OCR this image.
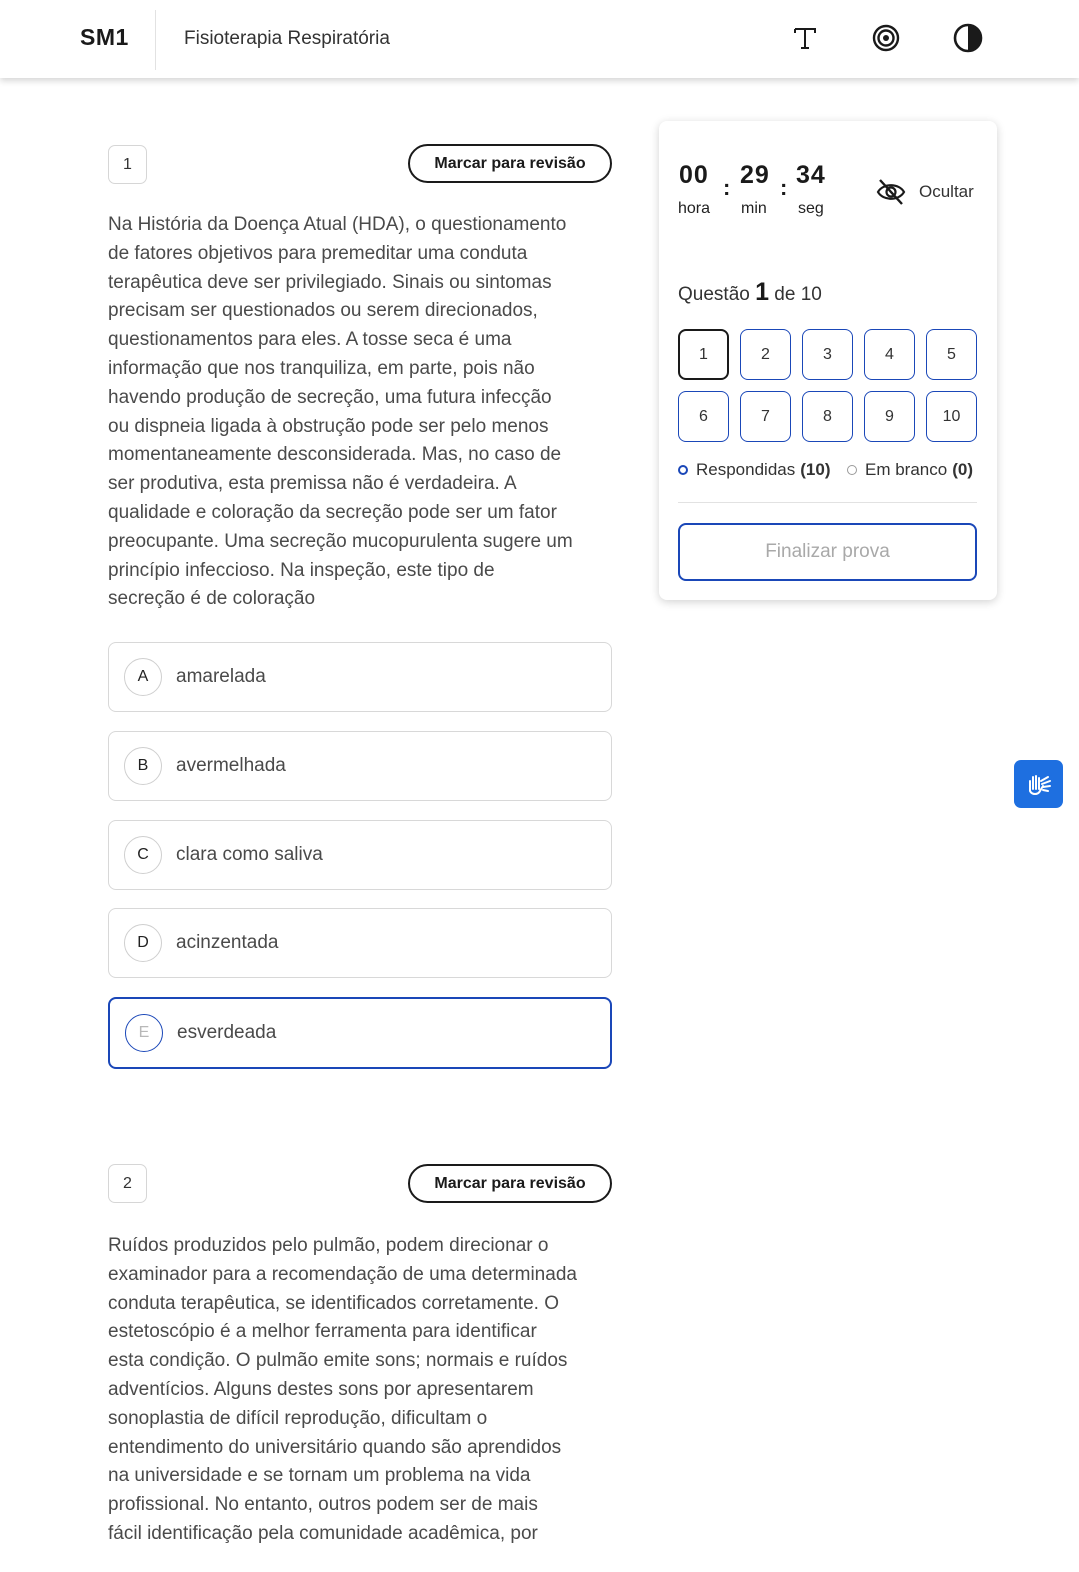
SM1	Fisioterapia Respiratória
1	Marcar para revisão
Na História da Doença Atual (HDA), o questionamento
de fatores objetivos para premeditar uma conduta
terapêutica deve ser privilegiado. Sinais ou sintomas
precisam ser questionados ou serem direcionados,
questionamentos para eles. A tosse seca é uma
informação que nos tranquiliza, em parte, pois não
havendo produção de secreção, uma futura infecção
ou dispneia ligada à obstrução pode ser pelo menos
momentaneamente desconsiderada. Mas, no caso de
ser produtiva, esta premissa não é verdadeira. A
qualidade e coloração da secreção pode ser um fator
preocupante. Uma secreção mucopurulenta sugere um
princípio infeccioso. Na inspeção, este tipo de
secreção é de coloração
A	amarelada
B	avermelhada
C	clara como saliva
D	acinzentada
E	esverdeada
2	Marcar para revisão
Ruídos produzidos pelo pulmão, podem direcionar o
examinador para a recomendação de uma determinada
conduta terapêutica, se identificados corretamente. O
estetoscópio é a melhor ferramenta para identificar
esta condição. O pulmão emite sons; normais e ruídos
adventícios. Alguns destes sons por apresentarem
sonoplastia de difícil reprodução, dificultam o
entendimento do universitário quando são aprendidos
na universidade e se tornam um problema na vida
profissional. No entanto, outros podem ser de mais
fácil identificação pela comunidade acadêmica, por
00
hora
: 29
min
: 34
seg
Ocultar
Questão 1 de 10
1	2	3	4	5
6	7	8	9	10
Respondidas (10) Em branco (0)
Finalizar prova
